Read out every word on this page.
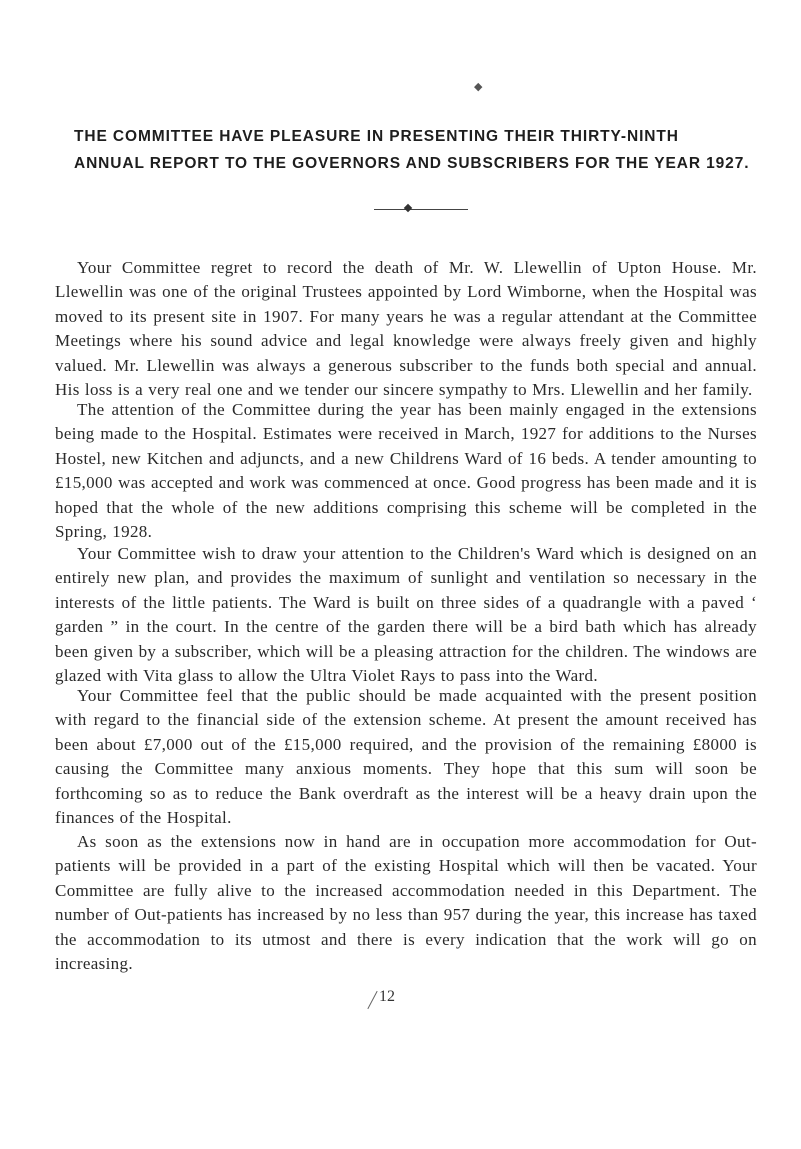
◆
THE COMMITTEE HAVE PLEASURE IN PRESENTING THEIR THIRTY-NINTH
ANNUAL REPORT TO THE GOVERNORS AND SUBSCRIBERS FOR THE YEAR 1927.

Your Committee regret to record the death of Mr. W. Llewellin of Upton House. Mr. Llewellin was one of the original Trustees appointed by Lord Wimborne, when the Hospital was moved to its present site in 1907. For many years he was a regular attendant at the Committee Meetings where his sound advice and legal knowledge were always freely given and highly valued. Mr. Llewellin was always a generous subscriber to the funds both special and annual. His loss is a very real one and we tender our sincere sympathy to Mrs. Llewellin and her family.

The attention of the Committee during the year has been mainly engaged in the extensions being made to the Hospital. Estimates were received in March, 1927 for additions to the Nurses Hostel, new Kitchen and adjuncts, and a new Childrens Ward of 16 beds. A tender amounting to £15,000 was accepted and work was commenced at once. Good progress has been made and it is hoped that the whole of the new additions comprising this scheme will be completed in the Spring, 1928.

Your Committee wish to draw your attention to the Children's Ward which is designed on an entirely new plan, and provides the maximum of sunlight and ventilation so necessary in the interests of the little patients. The Ward is built on three sides of a quadrangle with a paved ‘ garden ” in the court. In the centre of the garden there will be a bird bath which has already been given by a subscriber, which will be a pleasing attraction for the children. The windows are glazed with Vita glass to allow the Ultra Violet Rays to pass into the Ward.

Your Committee feel that the public should be made acquainted with the present position with regard to the financial side of the extension scheme. At present the amount received has been about £7,000 out of the £15,000 required, and the provision of the remaining £8000 is causing the Committee many anxious moments. They hope that this sum will soon be forthcoming so as to reduce the Bank overdraft as the interest will be a heavy drain upon the finances of the Hospital.

As soon as the extensions now in hand are in occupation more accommodation for Out-patients will be provided in a part of the existing Hospital which will then be vacated. Your Committee are fully alive to the increased accommodation needed in this Department. The number of Out-patients has increased by no less than 957 during the year, this increase has taxed the accommodation to its utmost and there is every indication that the work will go on increasing.

12
